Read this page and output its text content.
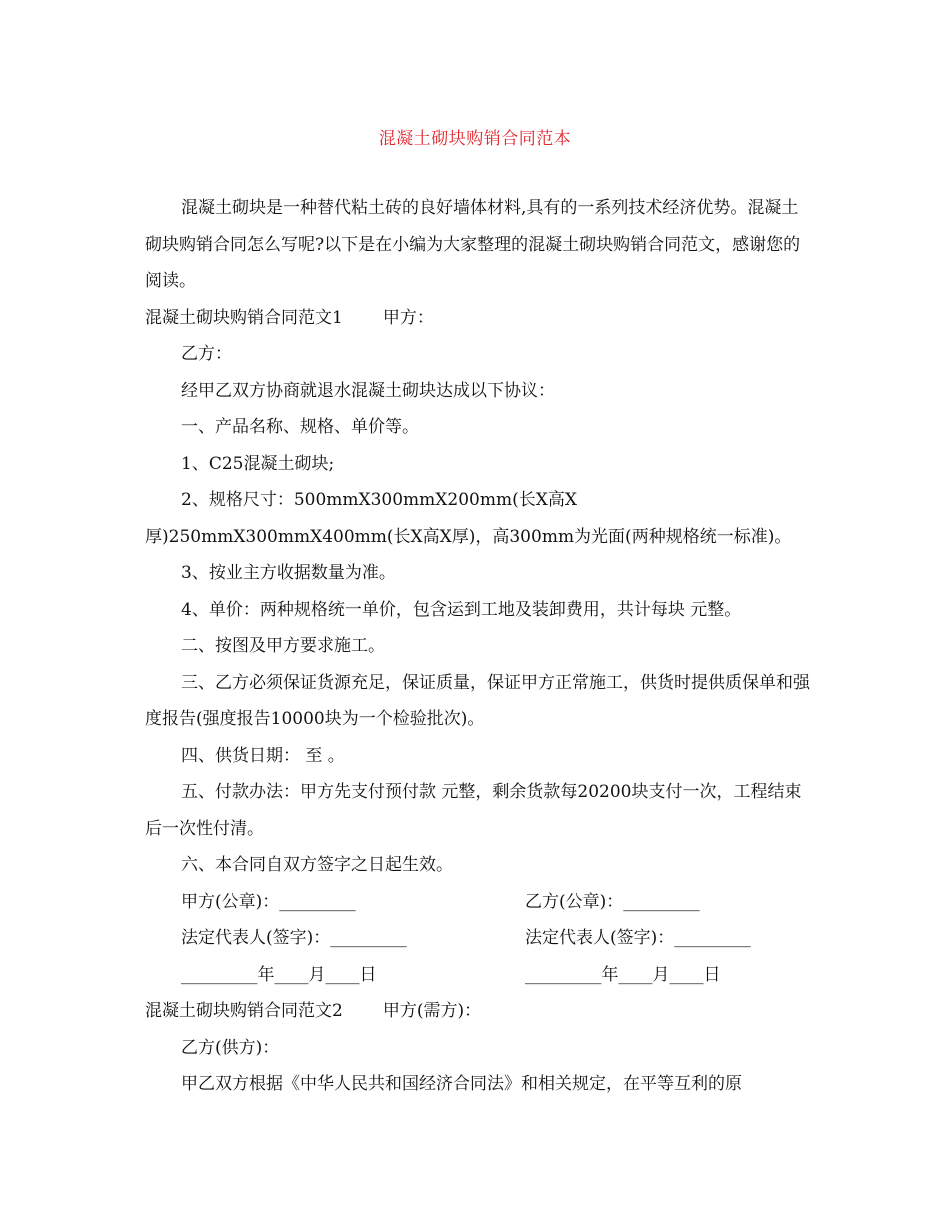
混凝土砌块购销合同范本

混凝土砌块是一种替代粘土砖的良好墙体材料,具有的一系列技术经济优势。混凝土砌块购销合同怎么写呢?以下是在小编为大家整理的混凝土砌块购销合同范文，感谢您的阅读。

混凝土砌块购销合同范文1 甲方：

乙方：

经甲乙双方协商就退水混凝土砌块达成以下协议：

一、产品名称、规格、单价等。

1、C25混凝土砌块;

2、规格尺寸：500mmX300mmX200mm(长X高X厚)250mmX300mmX400mm(长X高X厚)，高300mm为光面(两种规格统一标准)。

3、按业主方收据数量为准。

4、单价：两种规格统一单价，包含运到工地及装卸费用，共计每块 元整。

二、按图及甲方要求施工。

三、乙方必须保证货源充足，保证质量，保证甲方正常施工，供货时提供质保单和强度报告(强度报告10000块为一个检验批次)。

四、供货日期： 至 。

五、付款办法：甲方先支付预付款 元整，剩余货款每20200块支付一次，工程结束后一次性付清。

六、本合同自双方签字之日起生效。

甲方(公章)：_________	乙方(公章)：_________
法定代表人(签字)：_________	法定代表人(签字)：_________
_________年____月____日	_________年____月____日

混凝土砌块购销合同范文2 甲方(需方)：

乙方(供方)：

甲乙双方根据《中华人民共和国经济合同法》和相关规定，在平等互利的原
